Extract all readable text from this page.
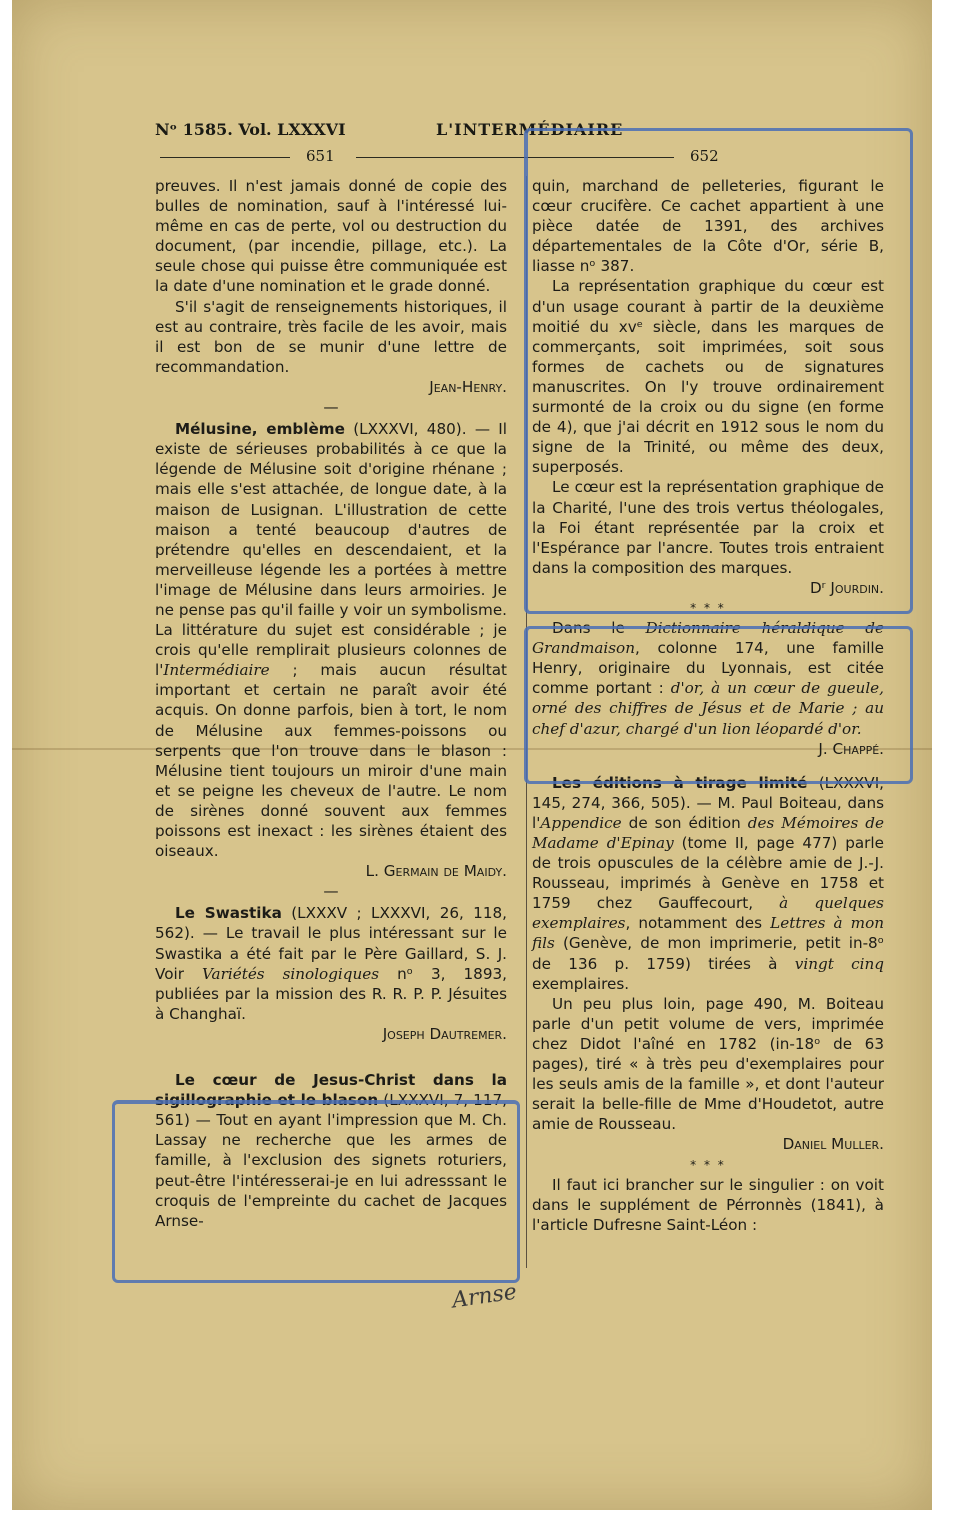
Nᵒ 1585. Vol. LXXXVI	L'INTERMÉDIAIRE
651	652

preuves. Il n'est jamais donné de copie des bulles de nomination, sauf à l'intéressé lui-même en cas de perte, vol ou destruction du document, (par incendie, pillage, etc.). La seule chose qui puisse être communiquée est la date d'une nomination et le grade donné.

S'il s'agit de renseignements historiques, il est au contraire, très facile de les avoir, mais il est bon de se munir d'une lettre de recommandation.

Jean-Henry.

—

Mélusine, emblème (LXXXVI, 480). — Il existe de sérieuses probabilités à ce que la légende de Mélusine soit d'origine rhénane ; mais elle s'est attachée, de longue date, à la maison de Lusignan. L'illustration de cette maison a tenté beaucoup d'autres de prétendre qu'elles en descendaient, et la merveilleuse légende les a portées à mettre l'image de Mélusine dans leurs armoiries. Je ne pense pas qu'il faille y voir un symbolisme. La littérature du sujet est considérable ; je crois qu'elle remplirait plusieurs colonnes de l'Intermédiaire ; mais aucun résultat important et certain ne paraît avoir été acquis. On donne parfois, bien à tort, le nom de Mélusine aux femmes-poissons ou serpents que l'on trouve dans le blason : Mélusine tient toujours un miroir d'une main et se peigne les cheveux de l'autre. Le nom de sirènes donné souvent aux femmes poissons est inexact : les sirènes étaient des oiseaux.

L. Germain de Maidy.

—

Le Swastika (LXXXV ; LXXXVI, 26, 118, 562). — Le travail le plus intéressant sur le Swastika a été fait par le Père Gaillard, S. J. Voir Variétés sinologiques nᵒ 3, 1893, publiées par la mission des R. R. P. P. Jésuites à Changhaï.

Joseph Dautremer.

Le cœur de Jesus-Christ dans la sigillographie et le blason (LXXXVI, 7, 117, 561) — Tout en ayant l'impression que M. Ch. Lassay ne recherche que les armes de famille, à l'exclusion des signets roturiers, peut-être l'intéresserai-je en lui adresssant le croquis de l'empreinte du cachet de Jacques Arnse-

quin, marchand de pelleteries, figurant le cœur crucifère. Ce cachet appartient à une pièce datée de 1391, des archives départementales de la Côte d'Or, série B, liasse nᵒ 387.

La représentation graphique du cœur est d'un usage courant à partir de la deuxième moitié du xvᵉ siècle, dans les marques de commerçants, soit imprimées, soit sous formes de cachets ou de signatures manuscrites. On l'y trouve ordinairement surmonté de la croix ou du signe (en forme de 4), que j'ai décrit en 1912 sous le nom du signe de la Trinité, ou même des deux, superposés.

Le cœur est la représentation graphique de la Charité, l'une des trois vertus théologales, la Foi étant représentée par la croix et l'Espérance par l'ancre. Toutes trois entraient dans la composition des marques.

Dʳ Jourdin.

* * *

Dans le Dictionnaire héraldique de Grandmaison, colonne 174, une famille Henry, originaire du Lyonnais, est citée comme portant : d'or, à un cœur de gueule, orné des chiffres de Jésus et de Marie ; au chef d'azur, chargé d'un lion léopardé d'or.

J. Chappé.

Les éditions à tirage limité (LXXXVI, 145, 274, 366, 505). — M. Paul Boiteau, dans l'Appendice de son édition des Mémoires de Madame d'Epinay (tome II, page 477) parle de trois opuscules de la célèbre amie de J.-J. Rousseau, imprimés à Genève en 1758 et 1759 chez Gauffecourt, à quelques exemplaires, notamment des Lettres à mon fils (Genève, de mon imprimerie, petit in-8ᵒ de 136 p. 1759) tirées à vingt cinq exemplaires.

Un peu plus loin, page 490, M. Boiteau parle d'un petit volume de vers, imprimée chez Didot l'aîné en 1782 (in-18ᵒ de 63 pages), tiré « à très peu d'exemplaires pour les seuls amis de la famille », et dont l'auteur serait la belle-fille de Mme d'Houdetot, autre amie de Rousseau.

Daniel Muller.

* * *

Il faut ici brancher sur le singulier : on voit dans le supplément de Pérronnès (1841), à l'article Dufresne Saint-Léon :

Arnse
